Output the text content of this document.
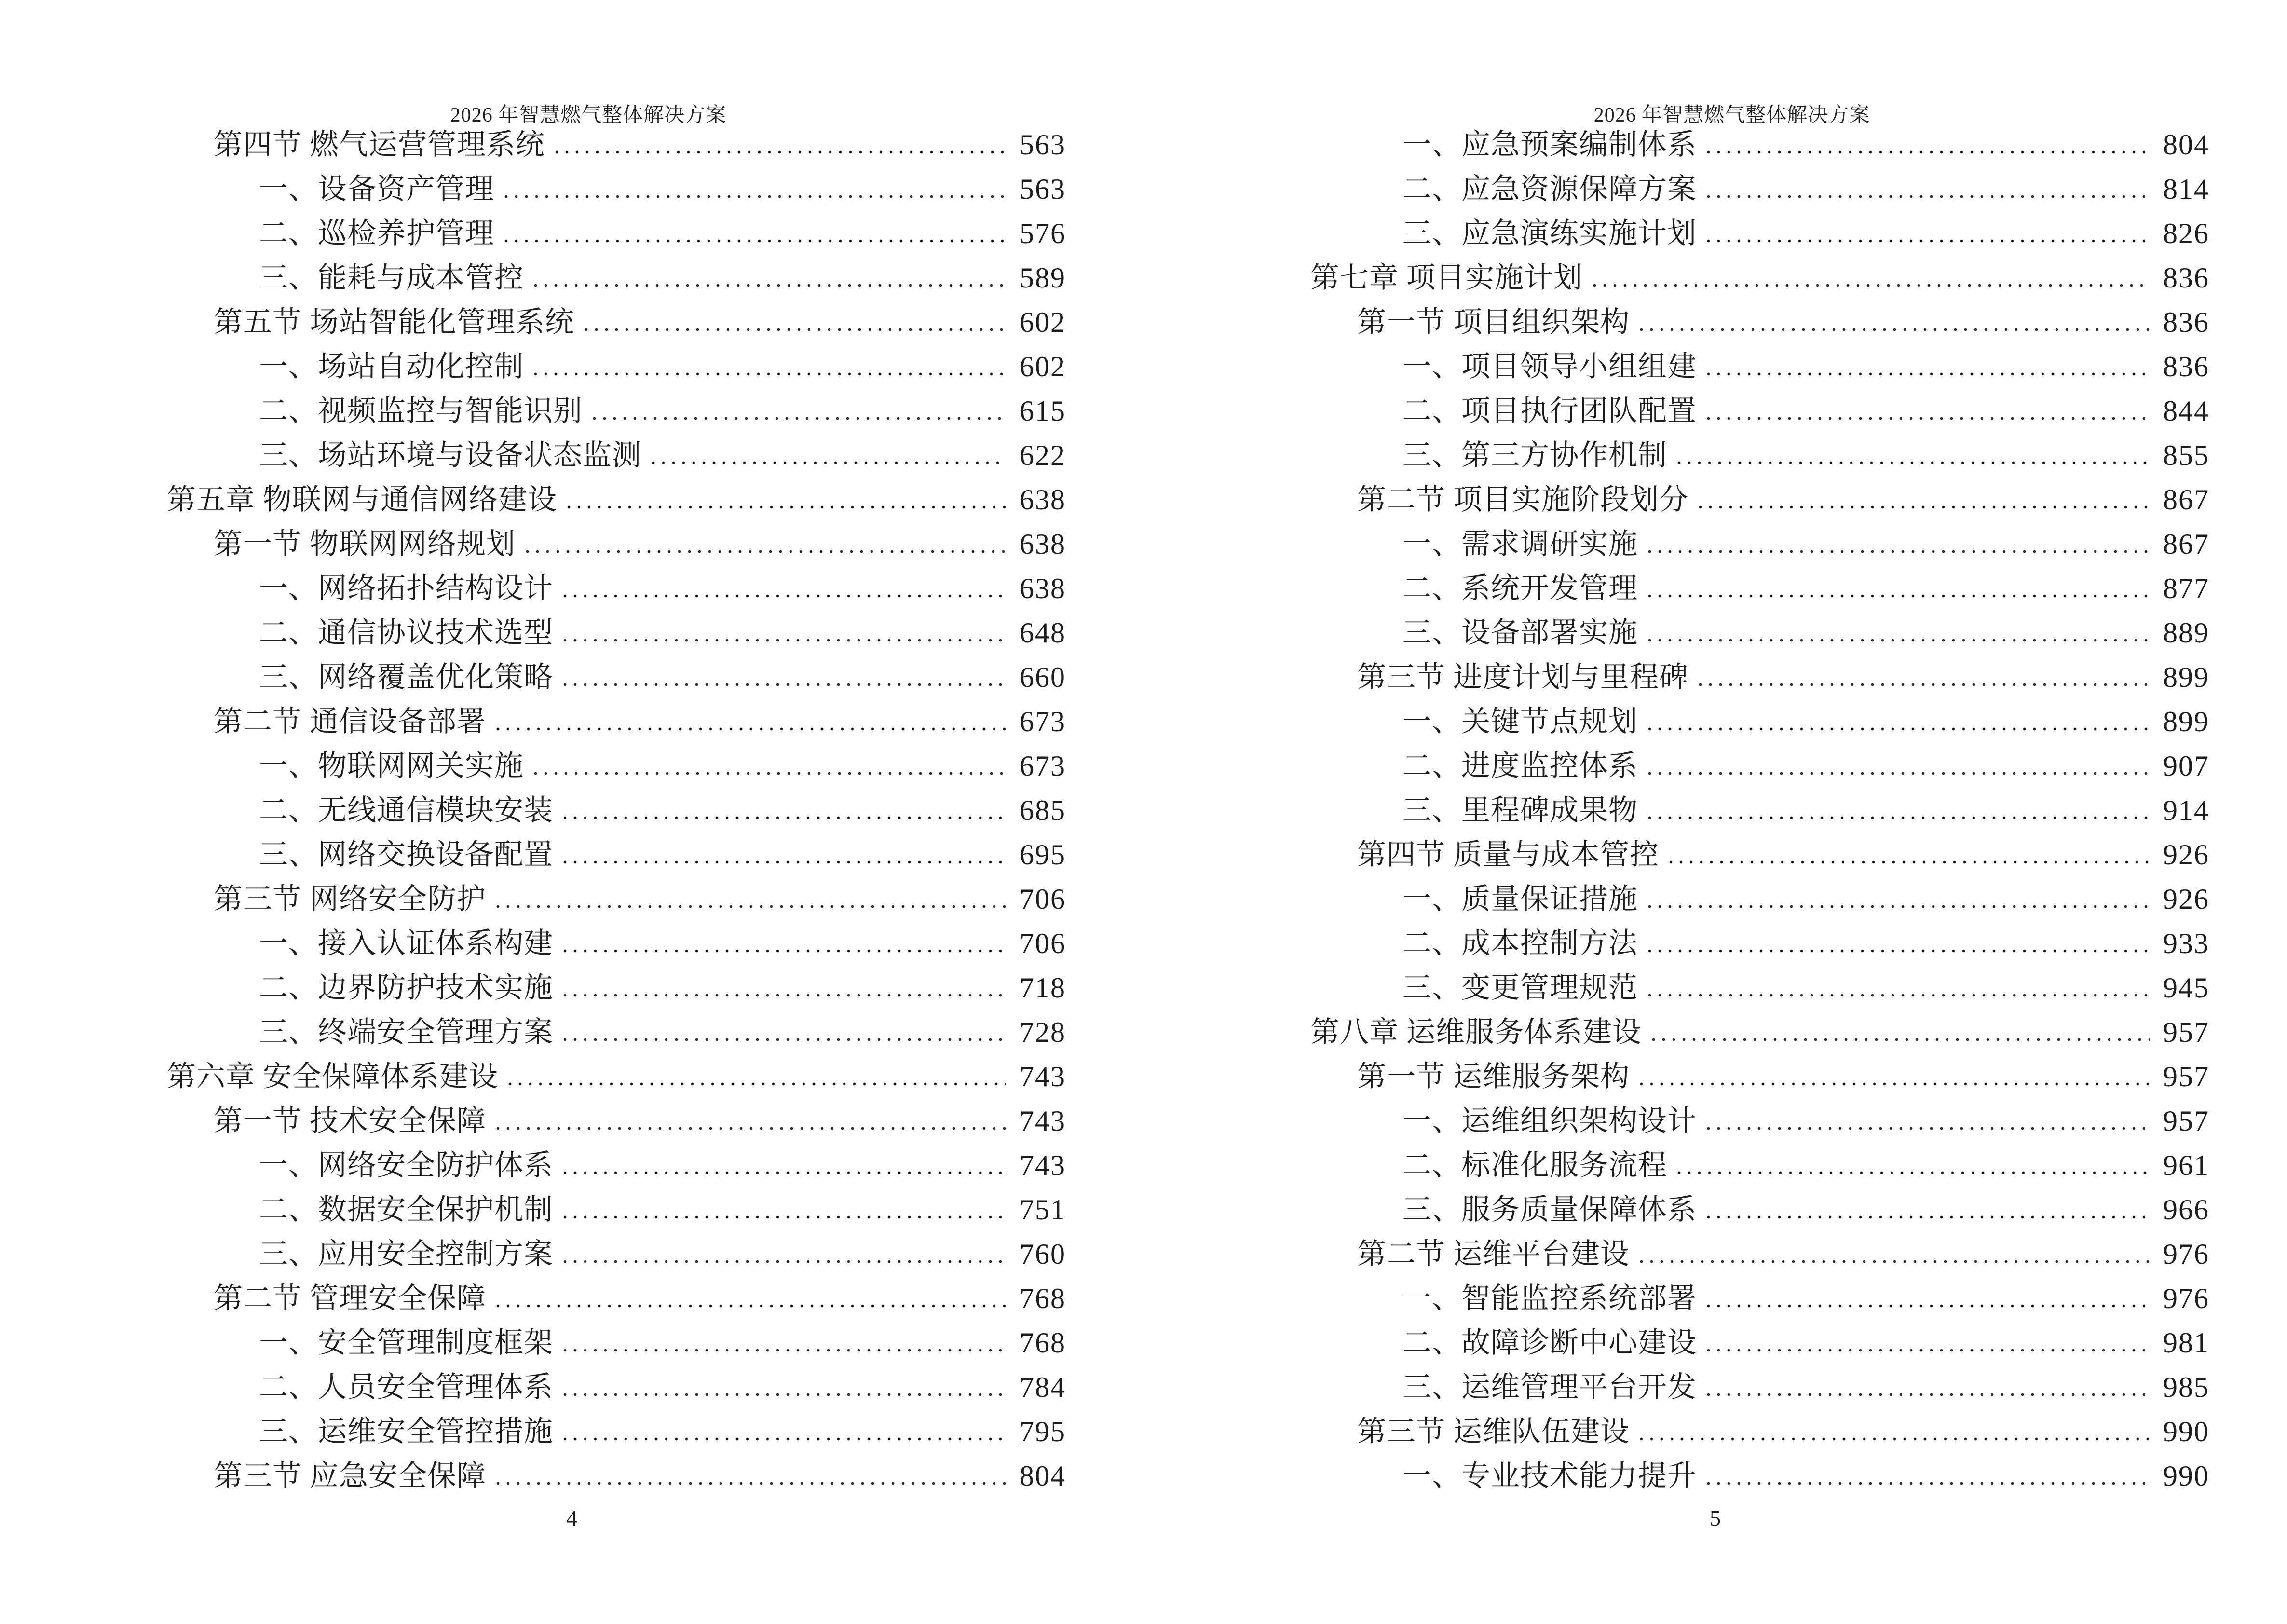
2026 年智慧燃气整体解决方案

第四节 燃气运营管理系统	563
一、设备资产管理	563
二、巡检养护管理	576
三、能耗与成本管控	589
第五节 场站智能化管理系统	602
一、场站自动化控制	602
二、视频监控与智能识别	615
三、场站环境与设备状态监测	622
第五章 物联网与通信网络建设	638
第一节 物联网网络规划	638
一、网络拓扑结构设计	638
二、通信协议技术选型	648
三、网络覆盖优化策略	660
第二节 通信设备部署	673
一、物联网网关实施	673
二、无线通信模块安装	685
三、网络交换设备配置	695
第三节 网络安全防护	706
一、接入认证体系构建	706
二、边界防护技术实施	718
三、终端安全管理方案	728
第六章 安全保障体系建设	743
第一节 技术安全保障	743
一、网络安全防护体系	743
二、数据安全保护机制	751
三、应用安全控制方案	760
第二节 管理安全保障	768
一、安全管理制度框架	768
二、人员安全管理体系	784
三、运维安全管控措施	795
第三节 应急安全保障	804
4

2026 年智慧燃气整体解决方案

一、应急预案编制体系	804
二、应急资源保障方案	814
三、应急演练实施计划	826
第七章 项目实施计划	836
第一节 项目组织架构	836
一、项目领导小组组建	836
二、项目执行团队配置	844
三、第三方协作机制	855
第二节 项目实施阶段划分	867
一、需求调研实施	867
二、系统开发管理	877
三、设备部署实施	889
第三节 进度计划与里程碑	899
一、关键节点规划	899
二、进度监控体系	907
三、里程碑成果物	914
第四节 质量与成本管控	926
一、质量保证措施	926
二、成本控制方法	933
三、变更管理规范	945
第八章 运维服务体系建设	957
第一节 运维服务架构	957
一、运维组织架构设计	957
二、标准化服务流程	961
三、服务质量保障体系	966
第二节 运维平台建设	976
一、智能监控系统部署	976
二、故障诊断中心建设	981
三、运维管理平台开发	985
第三节 运维队伍建设	990
一、专业技术能力提升	990
5
